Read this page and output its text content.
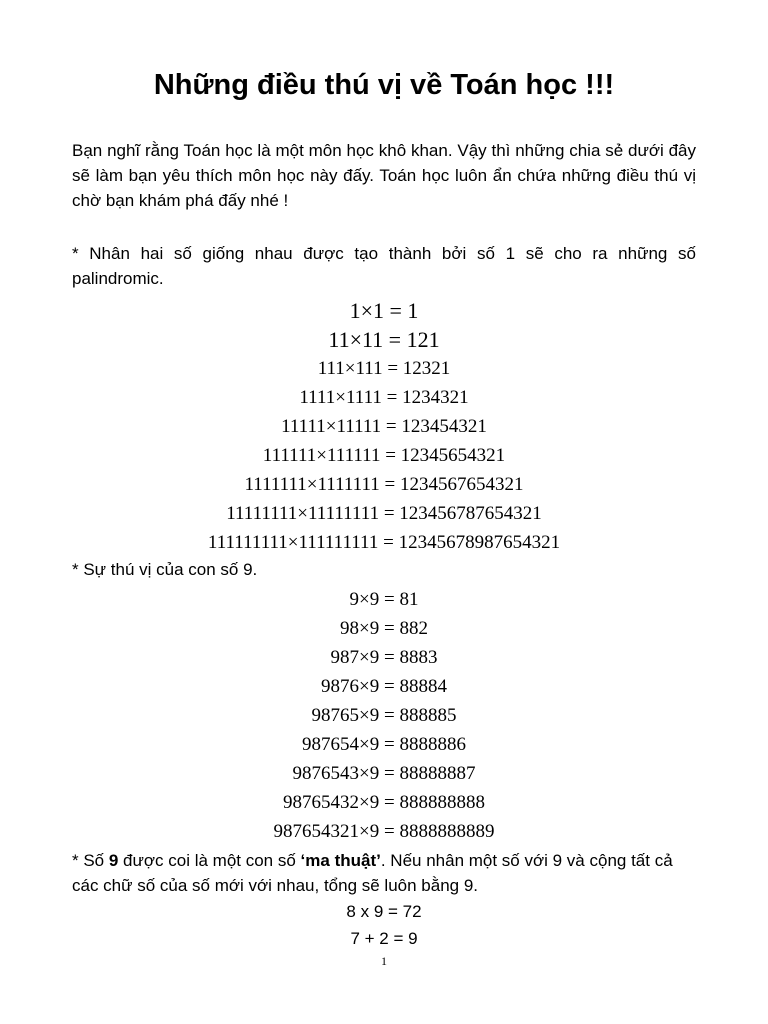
Những điều thú vị về Toán học !!!
Bạn nghĩ rằng Toán học là một môn học khô khan. Vậy thì những chia sẻ dưới đây sẽ làm bạn yêu thích môn học này đấy. Toán học luôn ẩn chứa những điều thú vị chờ bạn khám phá đấy nhé !
* Nhân hai số giống nhau được tạo thành bởi số 1 sẽ cho ra những số palindromic.
1×1 = 1
11×11 = 121
111×111 = 12321
1111×1111 = 1234321
11111×11111 = 123454321
111111×111111 = 12345654321
1111111×1111111 = 1234567654321
11111111×11111111 = 123456787654321
111111111×111111111 = 12345678987654321
* Sự thú vị của con số 9.
9×9 = 81
98×9 = 882
987×9 = 8883
9876×9 = 88884
98765×9 = 888885
987654×9 = 8888886
9876543×9 = 88888887
98765432×9 = 888888888
987654321×9 = 8888888889
* Số 9 được coi là một con số ‘ma thuật’. Nếu nhân một số với 9 và cộng tất cả các chữ số của số mới với nhau, tổng sẽ luôn bằng 9.
8 x 9 = 72
7 + 2 = 9
1
